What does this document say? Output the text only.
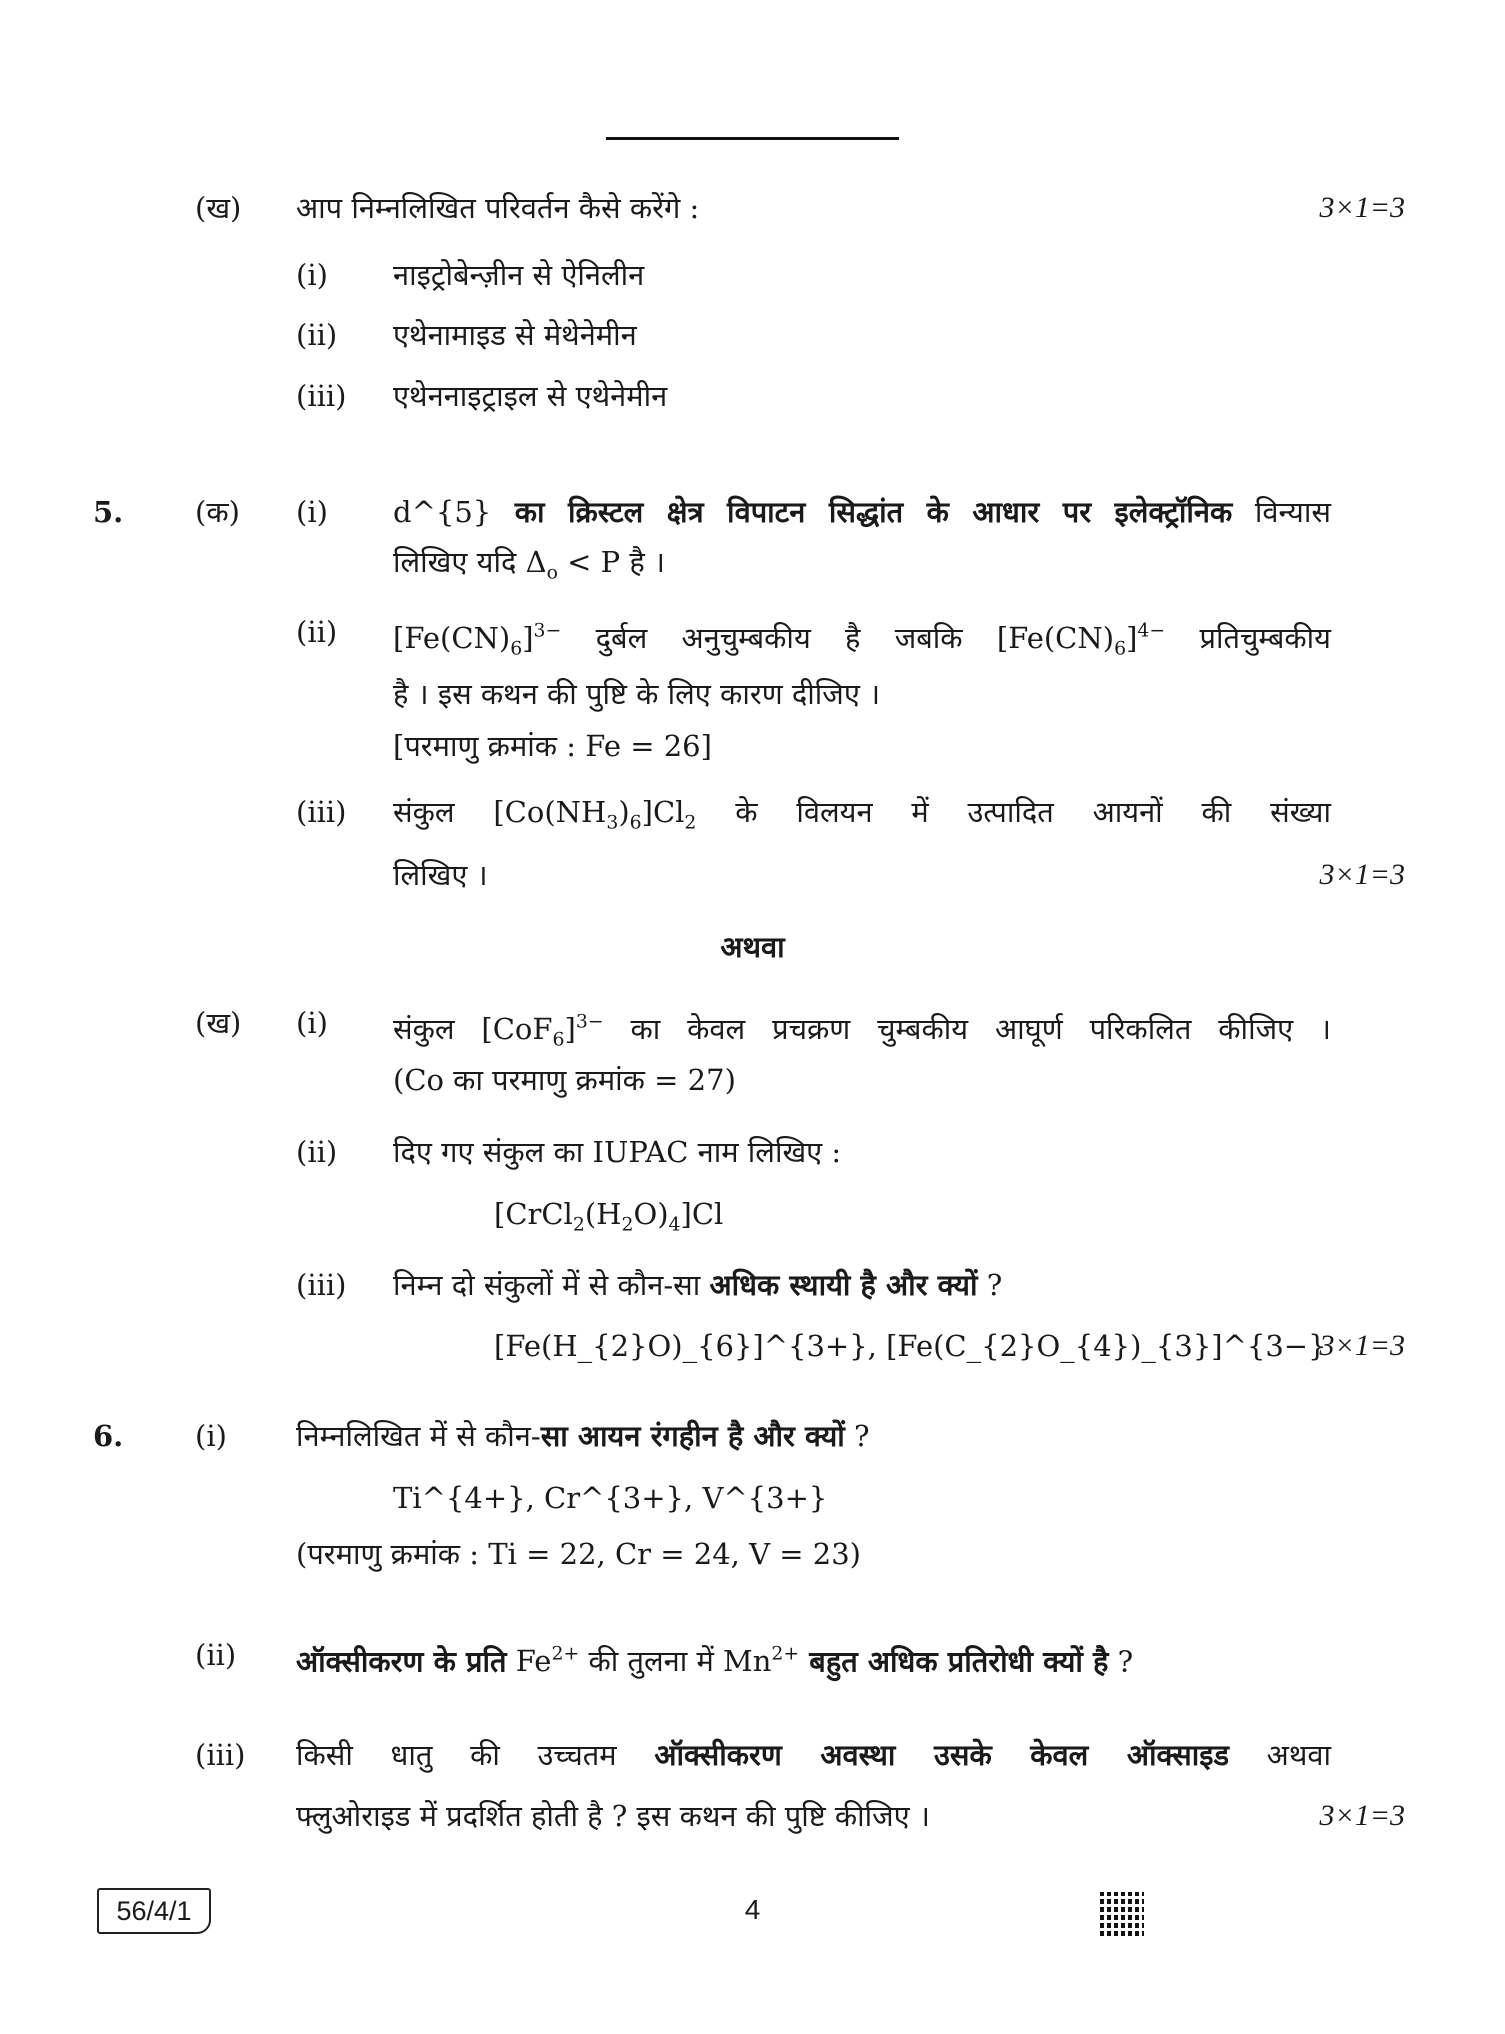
(ख) आप निम्नलिखित परिवर्तन कैसे करेंगे :	3×1=3
(i) नाइट्रोबेन्ज़ीन से ऐनिलीन
(ii) एथेनामाइड से मेथेनेमीन
(iii) एथेननाइट्राइल से एथेनेमीन
5. (क) (i) d^{5} का क्रिस्टल क्षेत्र विपाटन सिद्धांत के आधार पर इलेक्ट्रॉनिक विन्यास
लिखिए यदि $\Delta_o < P$ है ।
(ii) $[Fe(CN)_6]^{3-}$ दुर्बल अनुचुम्बकीय है जबकि $[Fe(CN)_6]^{4-}$ प्रतिचुम्बकीय
है । इस कथन की पुष्टि के लिए कारण दीजिए ।
[परमाणु क्रमांक : Fe = 26]
(iii) संकुल $[Co(NH_3)_6]Cl_2$ के विलयन में उत्पादित आयनों की संख्या
लिखिए ।	3×1=3
अथवा
(ख) (i) संकुल $[CoF_6]^{3-}$ का केवल प्रचक्रण चुम्बकीय आघूर्ण परिकलित कीजिए ।
(Co का परमाणु क्रमांक = 27)
(ii) दिए गए संकुल का IUPAC नाम लिखिए :
$[CrCl_2(H_2O)_4]Cl$
(iii) निम्न दो संकुलों में से कौन-सा अधिक स्थायी है और क्यों ?
[Fe(H_{2}O)_{6}]^{3+}, [Fe(C_{2}O_{4})_{3}]^{3−}
3×1=3
6. (i) निम्नलिखित में से कौन-सा आयन रंगहीन है और क्यों ?
Ti^{4+}, Cr^{3+}, V^{3+}
(परमाणु क्रमांक : Ti = 22, Cr = 24, V = 23)
(ii) ऑक्सीकरण के प्रति $Fe^{2+}$ की तुलना में $Mn^{2+}$ बहुत अधिक प्रतिरोधी क्यों है ?
(iii) किसी धातु की उच्चतम ऑक्सीकरण अवस्था उसके केवल ऑक्साइड अथवा
फ्लुओराइड में प्रदर्शित होती है ? इस कथन की पुष्टि कीजिए ।	3×1=3
56/4/1	4
